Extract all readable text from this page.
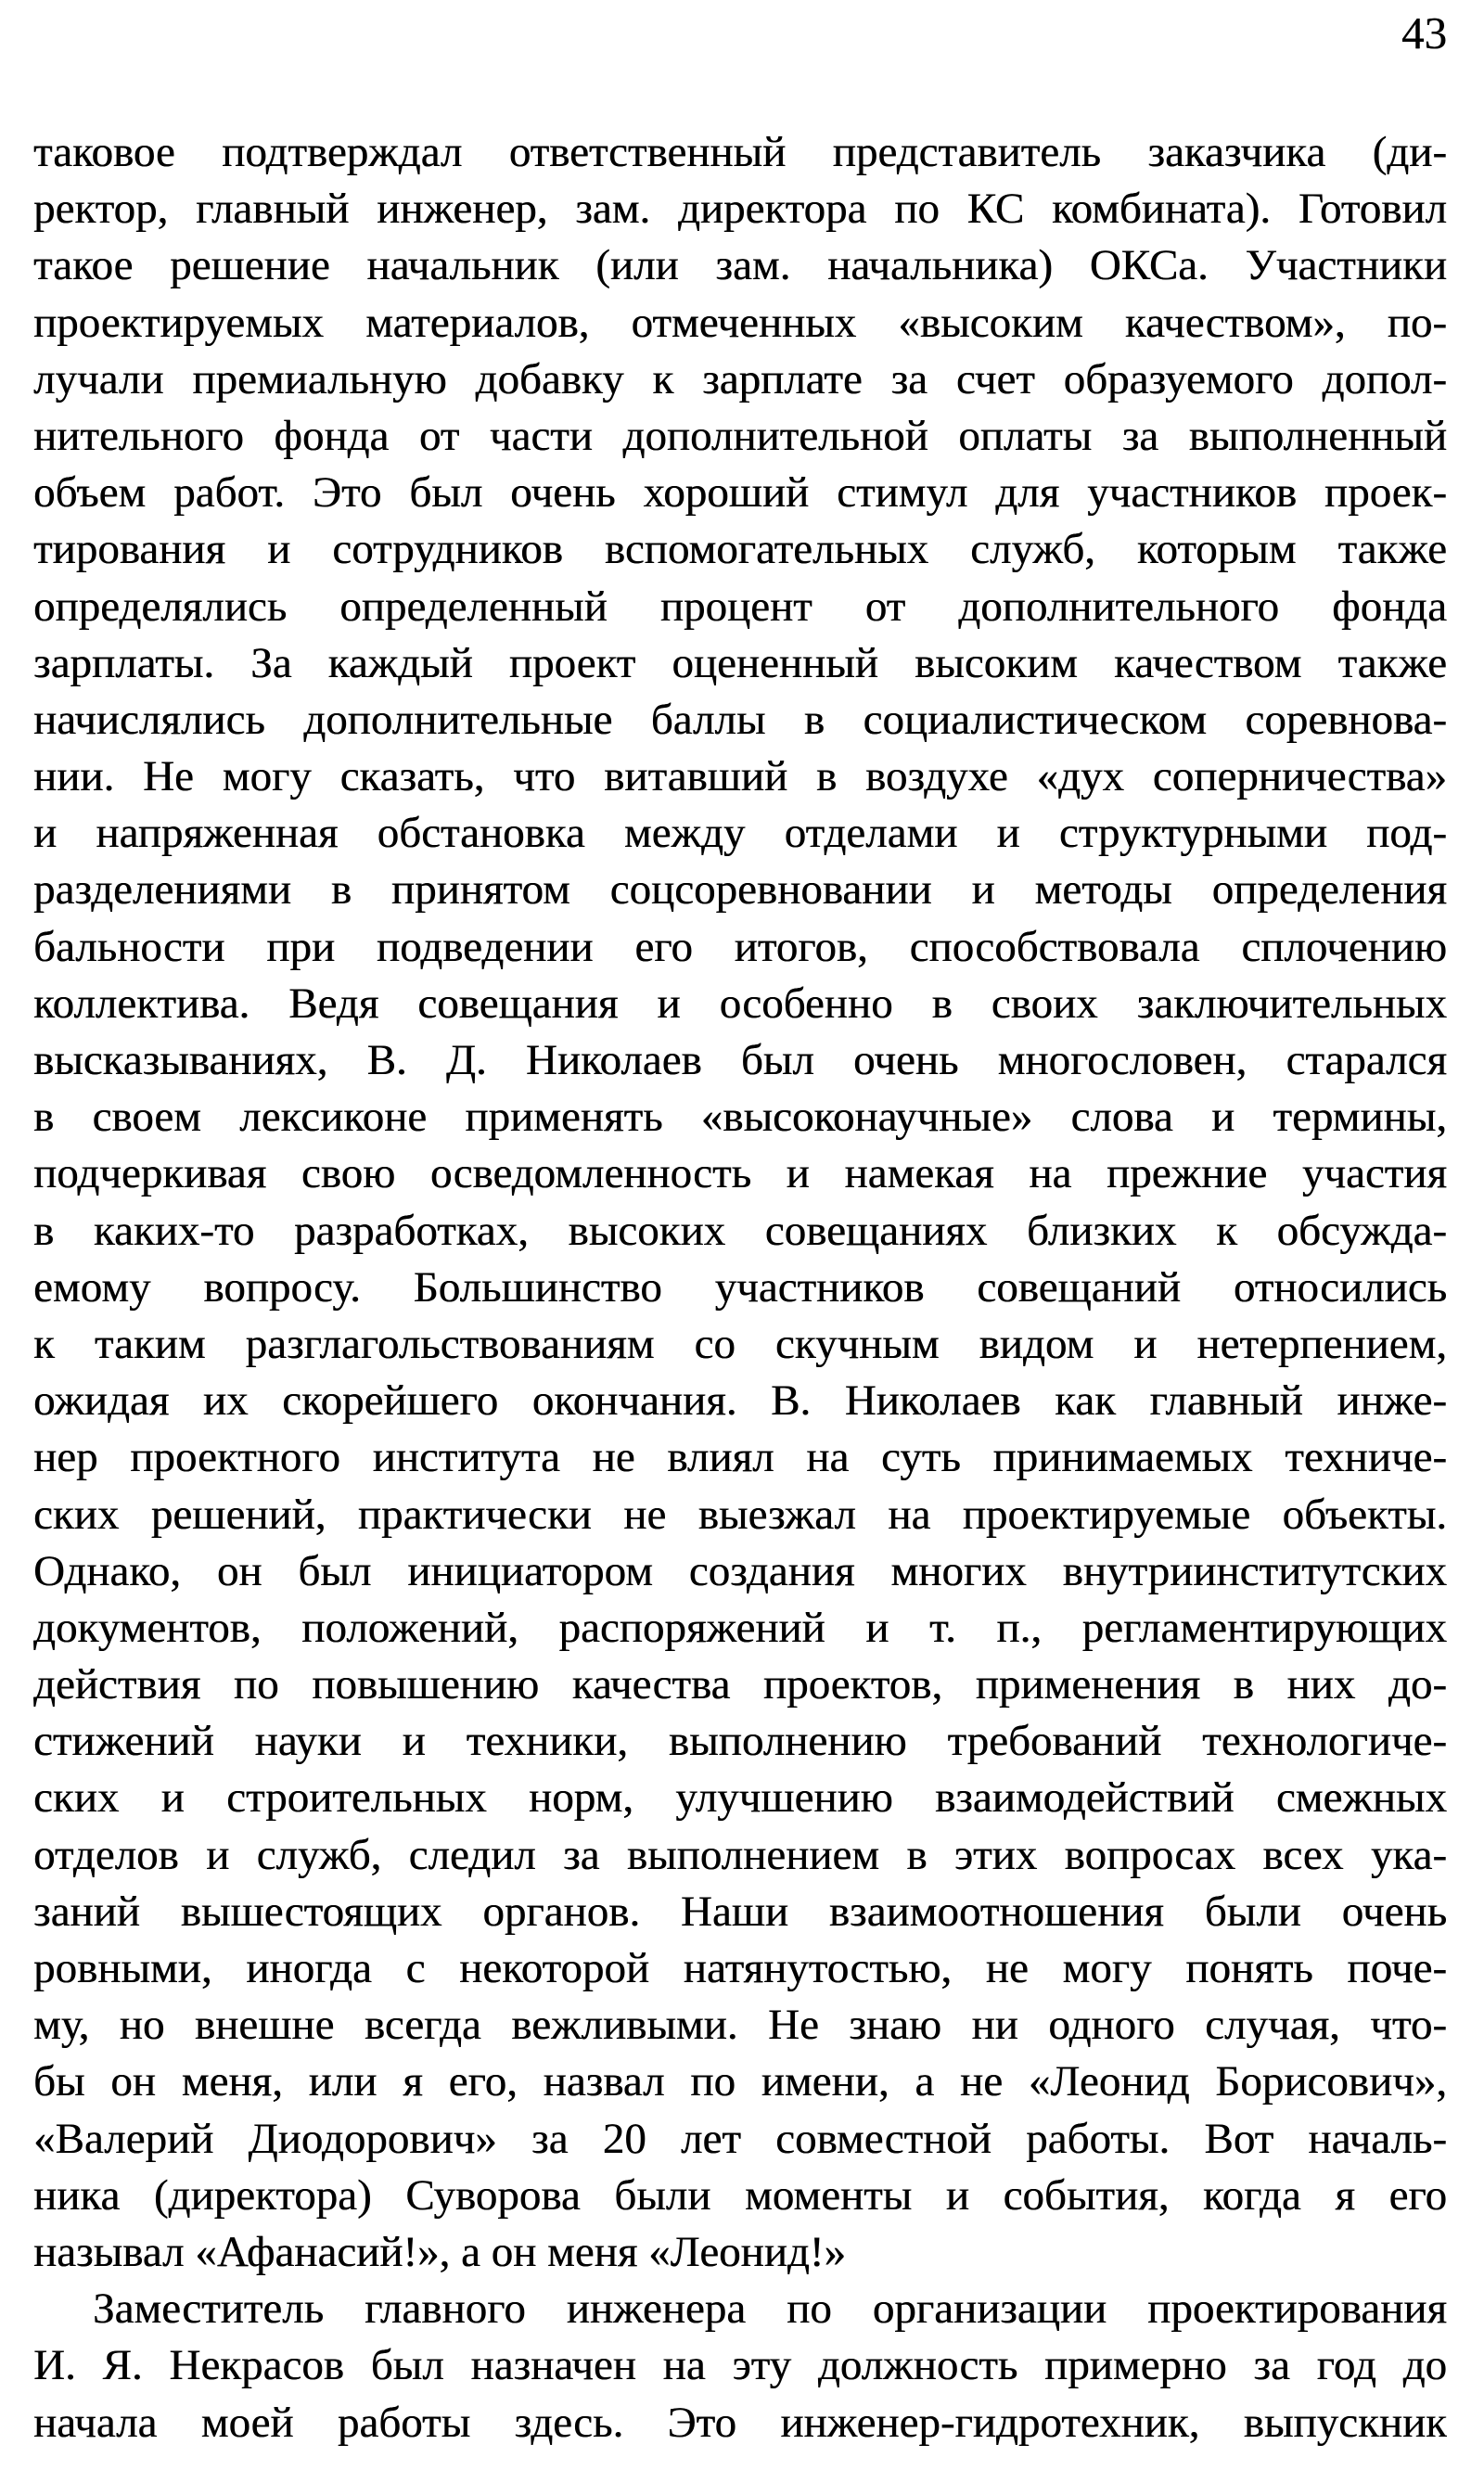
43
таковое подтверждал ответственный представитель заказчика (ди-
ректор, главный инженер, зам. директора по КС комбината). Готовил
такое решение начальник (или зам. начальника) ОКСа. Участники
проектируемых материалов, отмеченных «высоким качеством», по-
лучали премиальную добавку к зарплате за счет образуемого допол-
нительного фонда от части дополнительной оплаты за выполненный
объем работ. Это был очень хороший стимул для участников проек-
тирования и сотрудников вспомогательных служб, которым также
определялись определенный процент от дополнительного фонда
зарплаты. За каждый проект оцененный высоким качеством также
начислялись дополнительные баллы в социалистическом соревнова-
нии. Не могу сказать, что витавший в воздухе «дух соперничества»
и напряженная обстановка между отделами и структурными под-
разделениями в принятом соцсоревновании и методы определения
бальности при подведении его итогов, способствовала сплочению
коллектива. Ведя совещания и особенно в своих заключительных
высказываниях, В. Д. Николаев был очень многословен, старался
в своем лексиконе применять «высоконаучные» слова и термины,
подчеркивая свою осведомленность и намекая на прежние участия
в каких-то разработках, высоких совещаниях близких к обсужда-
емому вопросу. Большинство участников совещаний относились
к таким разглагольствованиям со скучным видом и нетерпением,
ожидая их скорейшего окончания. В. Николаев как главный инже-
нер проектного института не влиял на суть принимаемых техниче-
ских решений, практически не выезжал на проектируемые объекты.
Однако, он был инициатором создания многих внутриинститутских
документов, положений, распоряжений и т. п., регламентирующих
действия по повышению качества проектов, применения в них до-
стижений науки и техники, выполнению требований технологиче-
ских и строительных норм, улучшению взаимодействий смежных
отделов и служб, следил за выполнением в этих вопросах всех ука-
заний вышестоящих органов. Наши взаимоотношения были очень
ровными, иногда с некоторой натянутостью, не могу понять поче-
му, но внешне всегда вежливыми. Не знаю ни одного случая, что-
бы он меня, или я его, назвал по имени, а не «Леонид Борисович»,
«Валерий Диодорович» за 20 лет совместной работы. Вот началь-
ника (директора) Суворова были моменты и события, когда я его
называл «Афанасий!», а он меня «Леонид!»
Заместитель главного инженера по организации проектирования
И. Я. Некрасов был назначен на эту должность примерно за год до
начала моей работы здесь. Это инженер-гидротехник, выпускник
